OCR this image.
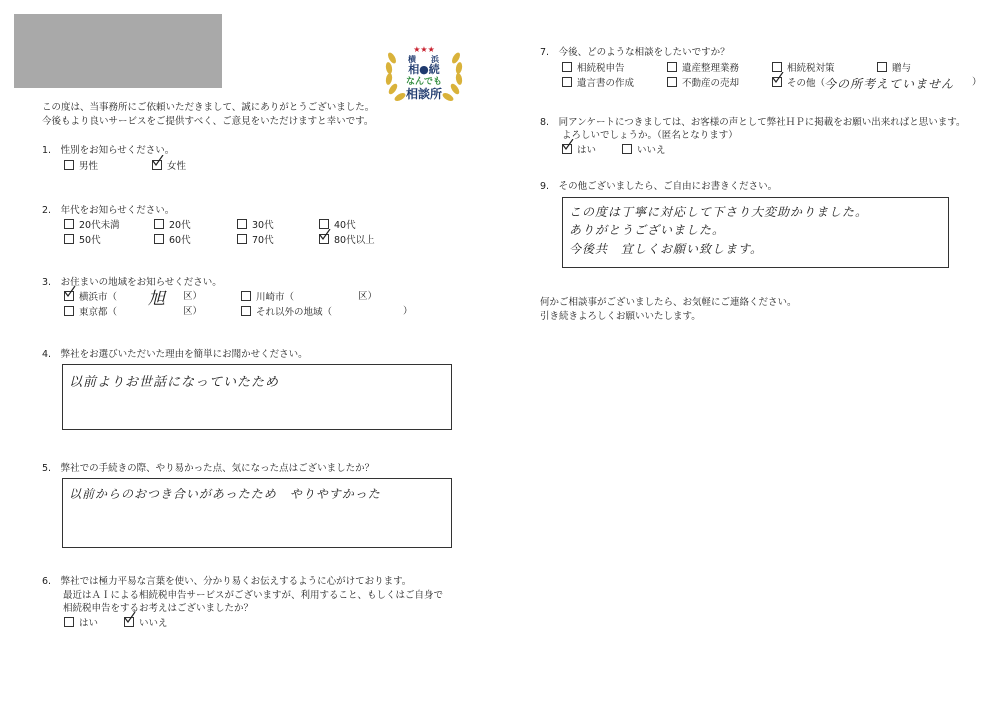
★★★
横 浜
相●続
なんでも
相談所
この度は、当事務所にご依頼いただきまして、誠にありがとうございました。
今後もより良いサービスをご提供すべく、ご意見をいただけますと幸いです。
1.　性別をお知らせください。
男性	女性
2.　年代をお知らせください。
20代未満	20代	30代	40代
50代	60代	70代	80代以上
3.　お住まいの地域をお知らせください。
横浜市（ 旭 区）	川崎市（	区）
東京都（	区）	それ以外の地域（	）
4.　弊社をお選びいただいた理由を簡単にお聞かせください。
以前よりお世話になっていたため
5.　弊社での手続きの際、やり易かった点、気になった点はございましたか？
以前からのおつき合いがあったため　やりやすかった
6.　弊社では極力平易な言葉を使い、分かり易くお伝えするように心がけております。
最近はＡＩによる相続税申告サービスがございますが、利用すること、もしくはご自身で
相続税申告をするお考えはございましたか？
はい	いいえ
7.　今後、どのような相談をしたいですか？
相続税申告	遺産整理業務	相続税対策	贈与
遺言書の作成	不動産の売却	その他（
今の所考えていません ）
8.　同アンケートにつきましては、お客様の声として弊社ＨＰに掲載をお願い出来ればと思います。
よろしいでしょうか。（匿名となります）
はい	いいえ
9.　その他ございましたら、ご自由にお書きください。
この度は丁寧に対応して下さり大変助かりました。
ありがとうございました。
今後共　宜しくお願い致します。
何かご相談事がございましたら、お気軽にご連絡ください。
引き続きよろしくお願いいたします。
